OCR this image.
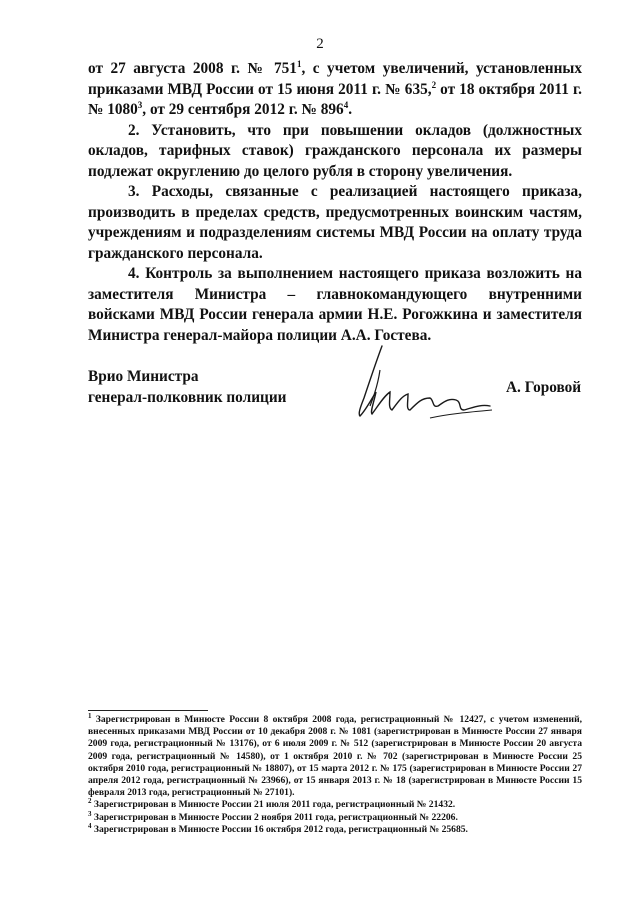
2

от 27 августа 2008 г. № $751^1$, с учетом увеличений, установленных приказами МВД России от 15 июня 2011 г. № 635,$^2$ от 18 октября 2011 г. № 1080$^3$, от 29 сентября 2012 г. № $896^4$.

2. Установить, что при повышении окладов (должностных окладов, тарифных ставок) гражданского персонала их размеры подлежат округлению до целого рубля в сторону увеличения.

3. Расходы, связанные с реализацией настоящего приказа, производить в пределах средств, предусмотренных воинским частям, учреждениям и подразделениям системы МВД России на оплату труда гражданского персонала.

4. Контроль за выполнением настоящего приказа возложить на заместителя Министра – главнокомандующего внутренними войсками МВД России генерала армии Н.Е. Рогожкина и заместителя Министра генерал-майора полиции А.А. Гостева.

Врио Министра
генерал-полковник полиции
А. Горовой

$^1$ Зарегистрирован в Минюсте России 8 октября 2008 года, регистрационный № 12427, с учетом изменений, внесенных приказами МВД России от 10 декабря 2008 г. № 1081 (зарегистрирован в Минюсте России 27 января 2009 года, регистрационный № 13176), от 6 июля 2009 г. № 512 (зарегистрирован в Минюсте России 20 августа 2009 года, регистрационный № 14580), от 1 октября 2010 г. № 702 (зарегистрирован в Минюсте России 25 октября 2010 года, регистрационный № 18807), от 15 марта 2012 г. № 175 (зарегистрирован в Минюсте России 27 апреля 2012 года, регистрационный № 23966), от 15 января 2013 г. № 18 (зарегистрирован в Минюсте России 15 февраля 2013 года, регистрационный № 27101).

$^2$ Зарегистрирован в Минюсте России 21 июля 2011 года, регистрационный № 21432.

$^3$ Зарегистрирован в Минюсте России 2 ноября 2011 года, регистрационный № 22206.

$^4$ Зарегистрирован в Минюсте России 16 октября 2012 года, регистрационный № 25685.
